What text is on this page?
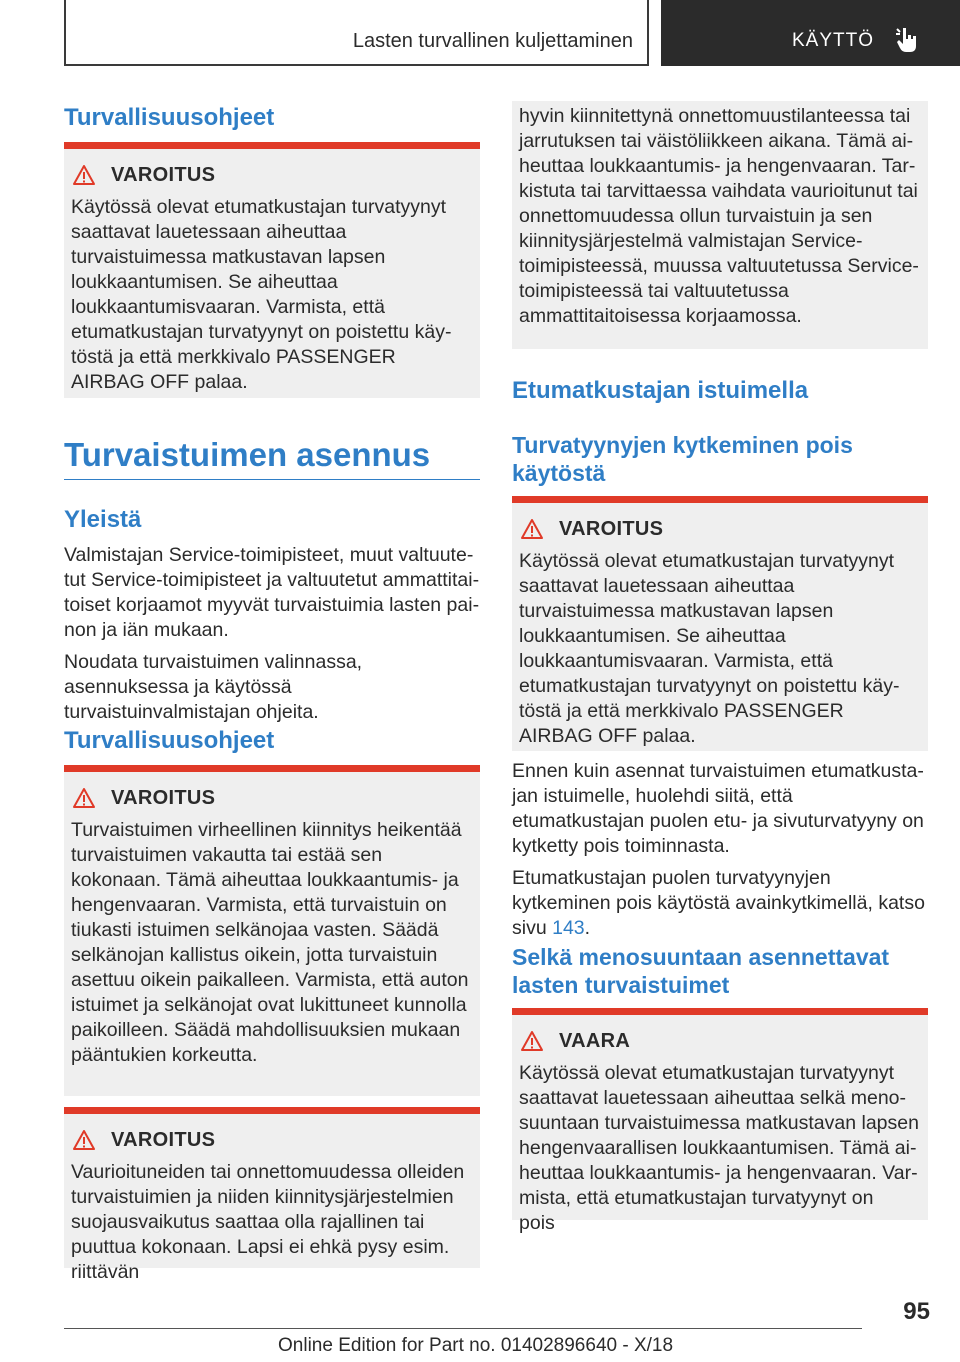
Lasten turvallinen kuljettaminen	KÄYTTÖ
Turvallisuusohjeet
VAROITUS
Käytössä olevat etumatkustajan turvatyynyt saattavat lauetessaan aiheuttaa turvaistuimessa matkustavan lapsen loukkaantumisen. Se aiheuttaa loukkaantumisvaaran. Varmista, että etumatkustajan turvatyynyt on poistettu käytöstä ja että merkkivalo PASSENGER AIRBAG OFF palaa.
Turvaistuimen asennus
Yleistä

Valmistajan Service-toimipisteet, muut valtuutetut Service-toimipisteet ja valtuutetut ammattitaitoiset korjaamot myyvät turvaistuimia lasten painon ja iän mukaan.

Noudata turvaistuimen valinnassa, asennuksessa ja käytössä turvaistuinvalmistajan ohjeita.

Turvallisuusohjeet
VAROITUS
Turvaistuimen virheellinen kiinnitys heikentää turvaistuimen vakautta tai estää sen kokonaan. Tämä aiheuttaa loukkaantumis- ja hengenvaaran. Varmista, että turvaistuin on tiukasti istuimen selkänojaa vasten. Säädä selkänojan kallistus oikein, jotta turvaistuin asettuu oikein paikalleen. Varmista, että auton istuimet ja selkänojat ovat lukittuneet kunnolla paikoilleen. Säädä mahdollisuuksien mukaan pääntukien korkeutta.
VAROITUS
Vaurioituneiden tai onnettomuudessa olleiden turvaistuimien ja niiden kiinnitysjärjestelmien suojausvaikutus saattaa olla rajallinen tai puuttua kokonaan. Lapsi ei ehkä pysy esim. riittävän
hyvin kiinnitettynä onnettomuustilanteessa tai jarrutuksen tai väistöliikkeen aikana. Tämä aiheuttaa loukkaantumis- ja hengenvaaran. Tarkistuta tai tarvittaessa vaihdata vaurioitunut tai onnettomuudessa ollun turvaistuin ja sen kiinnitysjärjestelmä valmistajan Service-toimipisteessä, muussa valtuutetussa Service-toimipisteessä tai valtuutetussa ammattitaitoisessa korjaamossa.
Etumatkustajan istuimella
Turvatyynyjen kytkeminen pois käytöstä
VAROITUS
Käytössä olevat etumatkustajan turvatyynyt saattavat lauetessaan aiheuttaa turvaistuimessa matkustavan lapsen loukkaantumisen. Se aiheuttaa loukkaantumisvaaran. Varmista, että etumatkustajan turvatyynyt on poistettu käytöstä ja että merkkivalo PASSENGER AIRBAG OFF palaa.

Ennen kuin asennat turvaistuimen etumatkustajan istuimelle, huolehdi siitä, että etumatkustajan puolen etu- ja sivuturvatyyny on kytketty pois toiminnasta.

Etumatkustajan puolen turvatyynyjen kytkeminen pois käytöstä avainkytkimellä, katso sivu 143.

Selkä menosuuntaan asennettavat lasten turvaistuimet
VAARA
Käytössä olevat etumatkustajan turvatyynyt saattavat lauetessaan aiheuttaa selkä menosuuntaan turvaistuimessa matkustavan lapsen hengenvaarallisen loukkaantumisen. Tämä aiheuttaa loukkaantumis- ja hengenvaaran. Varmista, että etumatkustajan turvatyynyt on pois
95
Online Edition for Part no. 01402896640 - X/18
